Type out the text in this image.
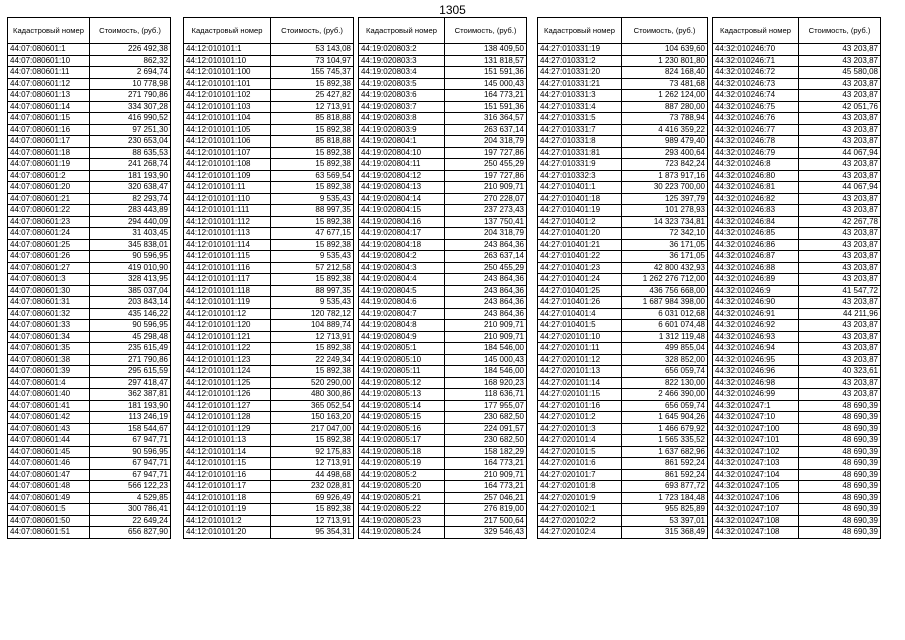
1305
Кадастровый номер	Стоимость, (руб.)
44:07:080601:1	226 492,38
44:07:080601:10	862,32
44:07:080601:11	2 694,74
44:07:080601:12	10 778,98
44:07:080601:13	271 790,86
44:07:080601:14	334 307,28
44:07:080601:15	416 990,52
44:07:080601:16	97 251,30
44:07:080601:17	230 653,04
44:07:080601:18	88 635,53
44:07:080601:19	241 268,74
44:07:080601:2	181 193,90
44:07:080601:20	320 638,47
44:07:080601:21	82 293,74
44:07:080601:22	283 443,89
44:07:080601:23	294 440,09
44:07:080601:24	31 403,45
44:07:080601:25	345 838,01
44:07:080601:26	90 596,95
44:07:080601:27	419 010,90
44:07:080601:3	328 413,95
44:07:080601:30	385 037,04
44:07:080601:31	203 843,14
44:07:080601:32	435 146,22
44:07:080601:33	90 596,95
44:07:080601:34	45 298,48
44:07:080601:35	235 615,49
44:07:080601:38	271 790,86
44:07:080601:39	295 615,59
44:07:080601:4	297 418,47
44:07:080601:40	362 387,81
44:07:080601:41	181 193,90
44:07:080601:42	113 246,19
44:07:080601:43	158 544,67
44:07:080601:44	67 947,71
44:07:080601:45	90 596,95
44:07:080601:46	67 947,71
44:07:080601:47	67 947,71
44:07:080601:48	566 122,23
44:07:080601:49	4 529,85
44:07:080601:5	300 786,41
44:07:080601:50	22 649,24
44:07:080601:51	656 827,90
Кадастровый номер	Стоимость, (руб.)
44:12:010101:1	53 143,08
44:12:010101:10	73 104,97
44:12:010101:100	155 745,37
44:12:010101:101	15 892,38
44:12:010101:102	25 427,82
44:12:010101:103	12 713,91
44:12:010101:104	85 818,88
44:12:010101:105	15 892,38
44:12:010101:106	85 818,88
44:12:010101:107	15 892,38
44:12:010101:108	15 892,38
44:12:010101:109	63 569,54
44:12:010101:11	15 892,38
44:12:010101:110	9 535,43
44:12:010101:111	88 997,35
44:12:010101:112	15 892,38
44:12:010101:113	47 677,15
44:12:010101:114	15 892,38
44:12:010101:115	9 535,43
44:12:010101:116	57 212,58
44:12:010101:117	15 892,38
44:12:010101:118	88 997,35
44:12:010101:119	9 535,43
44:12:010101:12	120 782,12
44:12:010101:120	104 889,74
44:12:010101:121	12 713,91
44:12:010101:122	15 892,38
44:12:010101:123	22 249,34
44:12:010101:124	15 892,38
44:12:010101:125	520 290,00
44:12:010101:126	480 300,86
44:12:010101:127	365 052,54
44:12:010101:128	150 163,20
44:12:010101:129	217 047,00
44:12:010101:13	15 892,38
44:12:010101:14	92 175,83
44:12:010101:15	12 713,91
44:12:010101:16	44 498,68
44:12:010101:17	232 028,81
44:12:010101:18	69 926,49
44:12:010101:19	15 892,38
44:12:010101:2	12 713,91
44:12:010101:20	95 354,31
Кадастровый номер	Стоимость, (руб.)
44:19:020803:2	138 409,50
44:19:020803:3	131 818,57
44:19:020803:4	151 591,36
44:19:020803:5	145 000,43
44:19:020803:6	164 773,21
44:19:020803:7	151 591,36
44:19:020803:8	316 364,57
44:19:020803:9	263 637,14
44:19:020804:1	204 318,79
44:19:020804:10	197 727,86
44:19:020804:11	250 455,29
44:19:020804:12	197 727,86
44:19:020804:13	210 909,71
44:19:020804:14	270 228,07
44:19:020804:15	237 273,43
44:19:020804:16	137 750,41
44:19:020804:17	204 318,79
44:19:020804:18	243 864,36
44:19:020804:2	263 637,14
44:19:020804:3	250 455,29
44:19:020804:4	243 864,36
44:19:020804:5	243 864,36
44:19:020804:6	243 864,36
44:19:020804:7	243 864,36
44:19:020804:8	210 909,71
44:19:020804:9	210 909,71
44:19:020805:1	184 546,00
44:19:020805:10	145 000,43
44:19:020805:11	184 546,00
44:19:020805:12	168 920,23
44:19:020805:13	118 636,71
44:19:020805:14	177 955,07
44:19:020805:15	230 682,50
44:19:020805:16	224 091,57
44:19:020805:17	230 682,50
44:19:020805:18	158 182,29
44:19:020805:19	164 773,21
44:19:020805:2	210 909,71
44:19:020805:20	164 773,21
44:19:020805:21	257 046,21
44:19:020805:22	276 819,00
44:19:020805:23	217 500,64
44:19:020805:24	329 546,43
Кадастровый номер	Стоимость, (руб.)
44:27:010331:19	104 639,60
44:27:010331:2	1 230 801,80
44:27:010331:20	824 168,40
44:27:010331:21	73 481,68
44:27:010331:3	1 262 124,00
44:27:010331:4	887 280,00
44:27:010331:5	73 788,94
44:27:010331:7	4 416 359,22
44:27:010331:8	989 479,40
44:27:010331:81	293 400,64
44:27:010331:9	723 842,24
44:27:010332:3	1 873 917,16
44:27:010401:1	30 223 700,00
44:27:010401:18	125 397,79
44:27:010401:19	101 278,93
44:27:010401:2	14 323 734,81
44:27:010401:20	72 342,10
44:27:010401:21	36 171,05
44:27:010401:22	36 171,05
44:27:010401:23	42 800 432,93
44:27:010401:24	1 262 276 712,00
44:27:010401:25	436 756 668,00
44:27:010401:26	1 687 984 398,00
44:27:010401:4	6 031 012,68
44:27:010401:5	6 601 074,48
44:27:020101:10	1 312 119,48
44:27:020101:11	499 855,04
44:27:020101:12	328 852,00
44:27:020101:13	656 059,74
44:27:020101:14	822 130,00
44:27:020101:15	2 466 390,00
44:27:020101:16	656 059,74
44:27:020101:2	1 645 904,26
44:27:020101:3	1 466 679,92
44:27:020101:4	1 565 335,52
44:27:020101:5	1 637 682,96
44:27:020101:6	861 592,24
44:27:020101:7	861 592,24
44:27:020101:8	693 877,72
44:27:020101:9	1 723 184,48
44:27:020102:1	955 825,89
44:27:020102:2	53 397,01
44:27:020102:4	315 368,49
Кадастровый номер	Стоимость, (руб.)
44:32:010246:70	43 203,87
44:32:010246:71	43 203,87
44:32:010246:72	45 580,08
44:32:010246:73	43 203,87
44:32:010246:74	43 203,87
44:32:010246:75	42 051,76
44:32:010246:76	43 203,87
44:32:010246:77	43 203,87
44:32:010246:78	43 203,87
44:32:010246:79	44 067,94
44:32:010246:8	43 203,87
44:32:010246:80	43 203,87
44:32:010246:81	44 067,94
44:32:010246:82	43 203,87
44:32:010246:83	43 203,87
44:32:010246:84	42 267,78
44:32:010246:85	43 203,87
44:32:010246:86	43 203,87
44:32:010246:87	43 203,87
44:32:010246:88	43 203,87
44:32:010246:89	43 203,87
44:32:010246:9	41 547,72
44:32:010246:90	43 203,87
44:32:010246:91	44 211,96
44:32:010246:92	43 203,87
44:32:010246:93	43 203,87
44:32:010246:94	43 203,87
44:32:010246:95	43 203,87
44:32:010246:96	40 323,61
44:32:010246:98	43 203,87
44:32:010246:99	43 203,87
44:32:010247:1	48 690,39
44:32:010247:10	48 690,39
44:32:010247:100	48 690,39
44:32:010247:101	48 690,39
44:32:010247:102	48 690,39
44:32:010247:103	48 690,39
44:32:010247:104	48 690,39
44:32:010247:105	48 690,39
44:32:010247:106	48 690,39
44:32:010247:107	48 690,39
44:32:010247:108	48 690,39
44:32:010247:108	48 690,39
